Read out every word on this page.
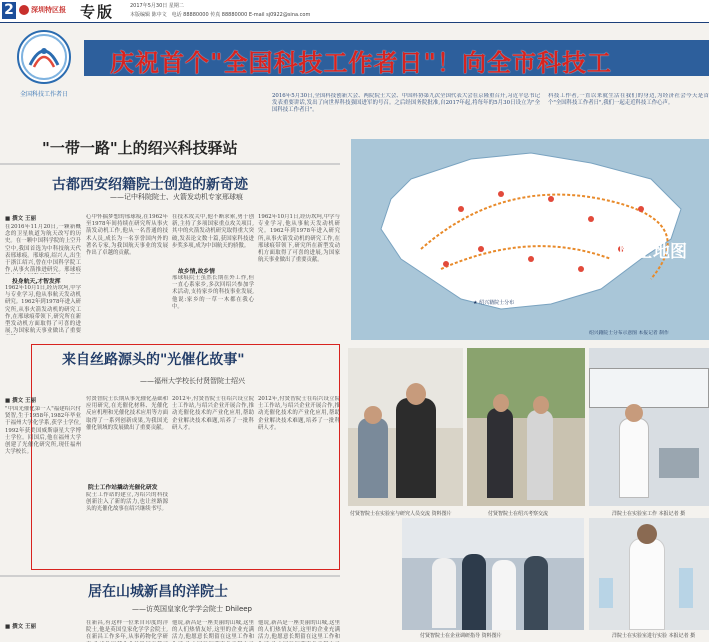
2	深圳特区报 专版	2017年5月30日 星期二
本版编辑 陈中文　电话 88880000 传真 88880000 E-mail sj0922@sina.com
全国科技工作者日
庆祝首个"全国科技工作者日"！向全市科技工
2016年5月30日,全国科技创新大会、两院院士大会、中国科协第九次全国代表大会在京隆重召开,习近平总书记发表重要讲话,发出了向世界科技强国进军的号召。之后经国务院批准,自2017年起,将每年的5月30日设立为"全国科技工作者日"。
科技工作者,一直以来就生活在我们的身边,为经济社会今天是首个"全国科技工作者日",我们一起走近科技工作心声。
"一带一路"上的绍兴科技驿站
古都西安绍籍院士创造的新奇迹
——记中科院院士、火箭发动机专家邢球痕
■ 撰文 王丽
在2016年11月20日,一颗新概念的卫星轨道为航天改写的历史。在一颗中国科学院的上空升空中,我国首选为中科技航天代表邢球痕。邢球痕,绍兴人,出生于浙江绍兴,曾在中国科学院工作,从事火箭推进研究。邢球痕
投身航天,才智发挥
1962年10月1日,经历坎坷,中学与专业学习,他从事航天发动机研究。1962年到1978年进入研究所,从事火箭发动机的研究工作,在邢球痕带领下,研究所在新型发动机方面取得了可喜的进展,为国家航天事业做出了重要
心中怀揣梦想的邢球痕,在1962年至1978年间持续在研究所从事火箭发动机工作,他从一名普通的技术人员,成长为一名享誉国内外的著名专家,为我国航天事业的发展作出了卓越的贡献。
在技术攻关中,他不断求索,勇于创新,主持了多项国家重点攻关项目,其中的火箭发动机研究取得重大突破,发表论文数十篇,获国家科技进步奖多项,成为中国航天的骄傲。
故乡情,故乡情
邢球痕院士虽然长期在外工作,但一直心系家乡,多次回绍兴参加学术活动,支持家乡的科技事业发展,他说:家乡的一草一木都在我心中。
院士地图
★ 绍兴籍院士分布
绍兴籍院士分布示意图 本报记者 制作
来自丝路源头的"光催化故事"
——福州大学校长付贤智院士绍兴
■ 撰文 王丽
"中国光催化第一人"福建绍兴付贤智,生于1958年,1982年毕业于福州大学化学系,获学士学位,1992年获美国威斯康星大学博士学位。回国后,他在福州大学创建了光催化研究所,现任福州大学校长。
付贤智院士长期从事光催化基础和应用研究,在光催化材料、光催化反应机理和光催化技术应用等方面取得了一系列创新成果,为我国光催化领域的发展做出了重要贡献。
院士工作站撬动光催化研发
院士工作站的建立,为绍兴的科技创新注入了新的活力,也让丝路源头的光催化故事在绍兴继续书写。
2012年,付贤智院士在绍兴设立院士工作站,与绍兴企业开展合作,推动光催化技术的产业化应用,帮助企业解决技术难题,培养了一批科研人才。
付贤智院士在实验室与研究人员交流 资料图片	付贤智院士在绍兴考察交流	洋院士在实验室工作 本报记者 摄
付贤智院士在企业调研指导 资料图片	洋院士在实验室进行实验 本报记者 摄
居在山城新昌的洋院士
——访英国皇家化学学会院士 Dhileep
■ 撰文 王丽
在新昌,有这样一位来自印度的洋院士,他是英国皇家化学学会院士,在新昌工作多年,从事药物化学研
他说,新昌是一座美丽的山城,这里的人们热情友好,这里的企业充满活力,他愿意长期留在这里工作和
2012年,付贤智院士在绍兴设立院士工作站,与绍兴企业开展合作,推动光催化技术的产业化应用,帮助企业解决技术难题,培养了一批科研人才。
他说,新昌是一座美丽的山城,这里的人们热情友好,这里的企业充满活力,他愿意长期留在这里工作和
1962年10月1日,经历坎坷,中学与专业学习,他从事航天发动机研究。1962年到1978年进入研究所,从事火箭发动机的研究工作,在邢球痕带领下,研究所在新型发动机方面取得了可喜的进展,为国家航天事业做出了重要贡献。
